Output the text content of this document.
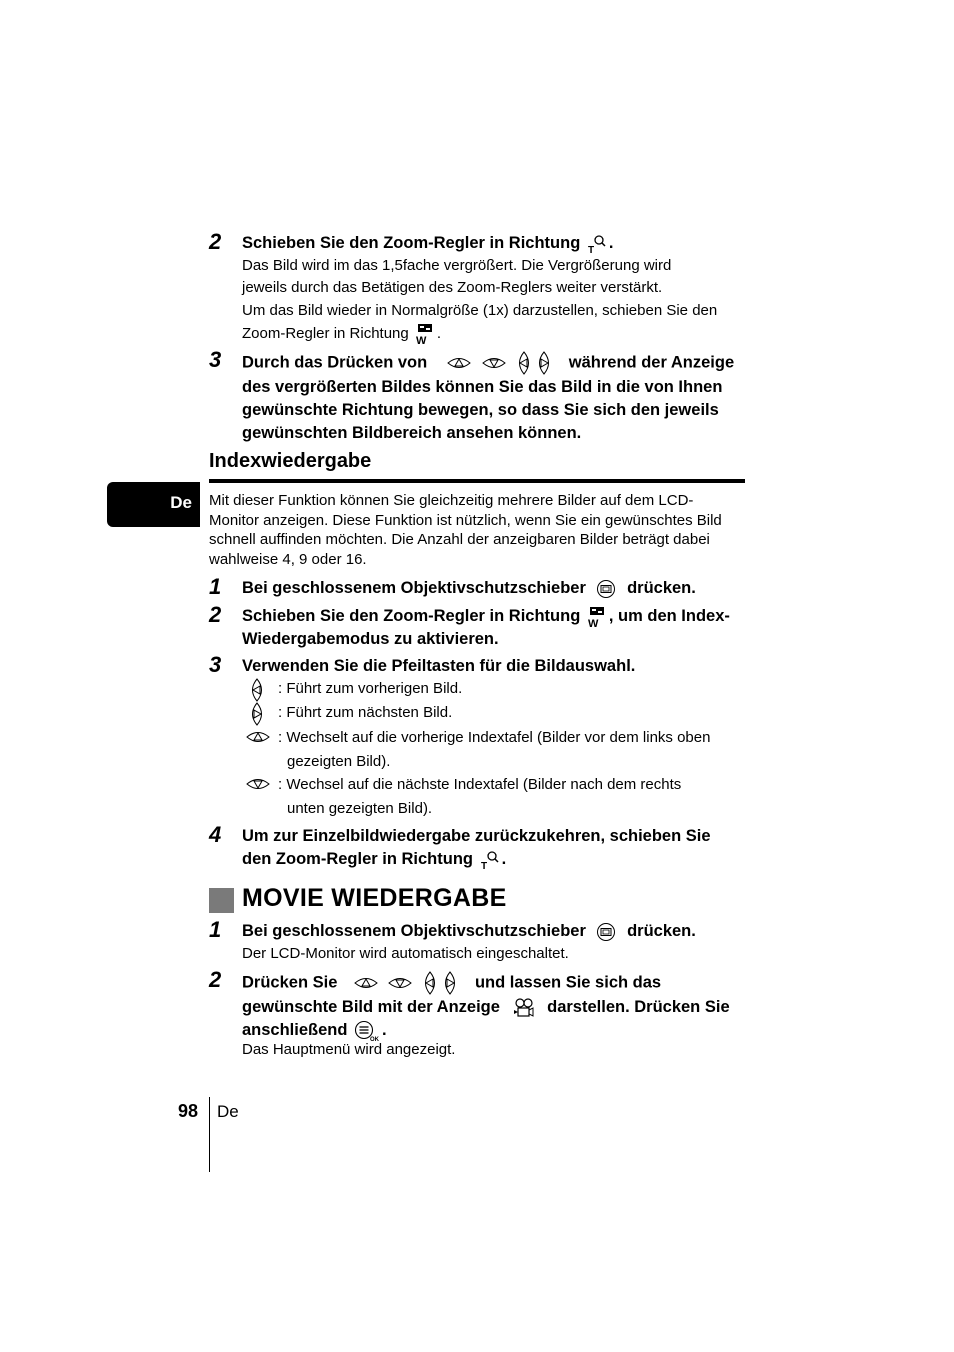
De
2 Schieben Sie den Zoom-Regler in Richtung .
Das Bild wird im das 1,5fache vergrößert. Die Vergrößerung wird
jeweils durch das Betätigen des Zoom-Reglers weiter verstärkt.
Um das Bild wieder in Normalgröße (1x) darzustellen, schieben Sie den
Zoom-Regler in Richtung .
3 Durch das Drücken von

	während der Anzeige
des vergrößerten Bildes können Sie das Bild in die von Ihnen
gewünschte Richtung bewegen, so dass Sie sich den jeweils
gewünschten Bildbereich ansehen können.
Indexwiedergabe
Mit dieser Funktion können Sie gleichzeitig mehrere Bilder auf dem LCD-
Monitor anzeigen. Diese Funktion ist nützlich, wenn Sie ein gewünschtes Bild
schnell auffinden möchten. Die Anzahl der anzeigbaren Bilder beträgt dabei
wahlweise 4, 9 oder 16.
1 Bei geschlossenem Objektivschutzschieber drücken.
2 Schieben Sie den Zoom-Regler in Richtung , um den Index-
Wiedergabemodus zu aktivieren.
3 Verwenden Sie die Pfeiltasten für die Bildauswahl.
: Führt zum vorherigen Bild.
: Führt zum nächsten Bild.
: Wechselt auf die vorherige Indextafel (Bilder vor dem links oben
gezeigten Bild).
: Wechsel auf die nächste Indextafel (Bilder nach dem rechts
unten gezeigten Bild).
4 Um zur Einzelbildwiedergabe zurückzukehren, schieben Sie
den Zoom-Regler in Richtung .
MOVIE WIEDERGABE
1 Bei geschlossenem Objektivschutzschieber drücken.
Der LCD-Monitor wird automatisch eingeschaltet.
2 Drücken Sie

	und lassen Sie sich das
gewünschte Bild mit der Anzeige	darstellen. Drücken Sie
anschließend .
Das Hauptmenü wird angezeigt.
98 De
